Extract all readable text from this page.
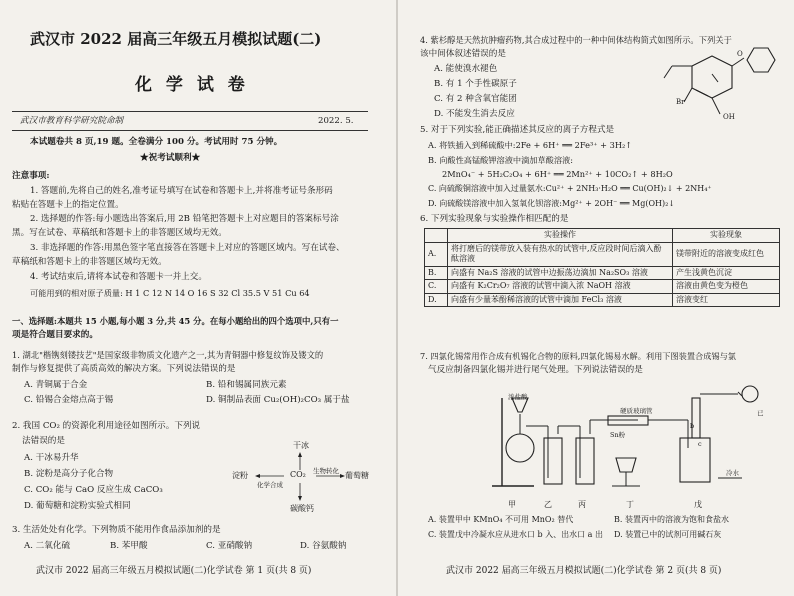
武汉市 2022 届高三年级五月模拟试题(二)
化 学 试 卷
武汉市教育科学研究院命制	2022. 5.
本试题卷共 8 页,19 题。全卷满分 100 分。考试用时 75 分钟。
★祝考试顺利★
注意事项:
1. 答题前,先将自己的姓名,准考证号填写在试卷和答题卡上,并将准考证号条形码
粘贴在答题卡上的指定位置。
2. 选择题的作答:每小题选出答案后,用 2B 铅笔把答题卡上对应题目的答案标号涂
黑。写在试卷、草稿纸和答题卡上的非答题区域均无效。
3. 非选择题的作答:用黑色签字笔直接答在答题卡上对应的答题区域内。写在试卷、
草稿纸和答题卡上的非答题区域均无效。
4. 考试结束后,请将本试卷和答题卡一并上交。
可能用到的相对原子质量: H 1 C 12 N 14 O 16 S 32 Cl 35.5 V 51 Cu 64
一、选择题:本题共 15 小题,每小题 3 分,共 45 分。在每小题给出的四个选项中,只有一
项是符合题目要求的。
1. 湖北"楷镌刻镂技艺"是国家级非物质文化遗产之一,其为青铜器中修复纹饰及镂文的
制作与修复提供了高质高效的解决方案。下列说法错误的是
A. 青铜属于合金	B. 铅和锡属同族元素
C. 铅锡合金熔点高于锡	D. 铜制品表面 Cu₂(OH)₂CO₃ 属于盐
2. 我国 CO₂ 的资源化利用途径如图所示。下列说
法错误的是
A. 干冰易升华
B. 淀粉是高分子化合物
C. CO₂ 能与 CaO 反应生成 CaCO₃
D. 葡萄糖和淀粉实验式相同
干冰
淀粉	CO₂	葡萄糖
碳酸钙
化学合成
生物转化
3. 生活处处有化学。下列物质不能用作食品添加剂的是
A. 二氧化硫	B. 苯甲酸	C. 亚硝酸钠	D. 谷氨酸钠
武汉市 2022 届高三年级五月模拟试题(二)化学试卷 第 1 页(共 8 页)
4. 紫杉醇是天然抗肿瘤药物,其合成过程中的一种中间体结构简式如图所示。下列关于
该中间体叙述错误的是
A. 能使溴水褪色
B. 有 1 个手性碳原子
C. 有 2 种含氧官能团
D. 不能发生消去反应
O
Br
OH
5. 对于下列实验,能正确描述其反应的离子方程式是
A. 将铁插入到稀硫酸中:2Fe + 6H⁺ ══ 2Fe³⁺ + 3H₂↑
B. 向酸性高锰酸钾溶液中滴加草酸溶液:
2MnO₄⁻ + 5H₂C₂O₄ + 6H⁺ ══ 2Mn²⁺ + 10CO₂↑ + 8H₂O
C. 向硫酸铜溶液中加入过量氨水:Cu²⁺ + 2NH₃·H₂O ══ Cu(OH)₂↓ + 2NH₄⁺
D. 向硫酸镁溶液中加入氢氧化钡溶液:Mg²⁺ + 2OH⁻ ══ Mg(OH)₂↓
6. 下列实验现象与实验操作相匹配的是
	实验操作	实验现象
A.	将打磨后的镁带放入装有热水的试管中,反应段时间后滴入酚酞溶液	镁带附近的溶液变成红色
B.	向盛有 Na₂S 溶液的试管中边振荡边滴加 Na₂SO₃ 溶液	产生浅黄色沉淀
C.	向盛有 K₂Cr₂O₇ 溶液的试管中滴入浓 NaOH 溶液	溶液由黄色变为橙色
D.	向盛有少量苯酚稀溶液的试管中滴加 FeCl₃ 溶液	溶液变红
7. 四氯化锡常用作合成有机锡化合物的原料,四氯化锡易水解。利用下图装置合成锡与氯
气反应制备四氯化锡并进行尾气处理。下列说法错误的是
浓盐酸
硬质玻璃管
Sn粉
冷水
b
c
已
甲	乙	丙	丁	戊
A. 装置甲中 KMnO₄ 不可用 MnO₂ 替代	B. 装置丙中的溶液为饱和食盐水
C. 装置戊中冷凝水应从进水口 b 入、出水口 a 出 D. 装置已中的试剂可用碱石灰
武汉市 2022 届高三年级五月模拟试题(二)化学试卷 第 2 页(共 8 页)
